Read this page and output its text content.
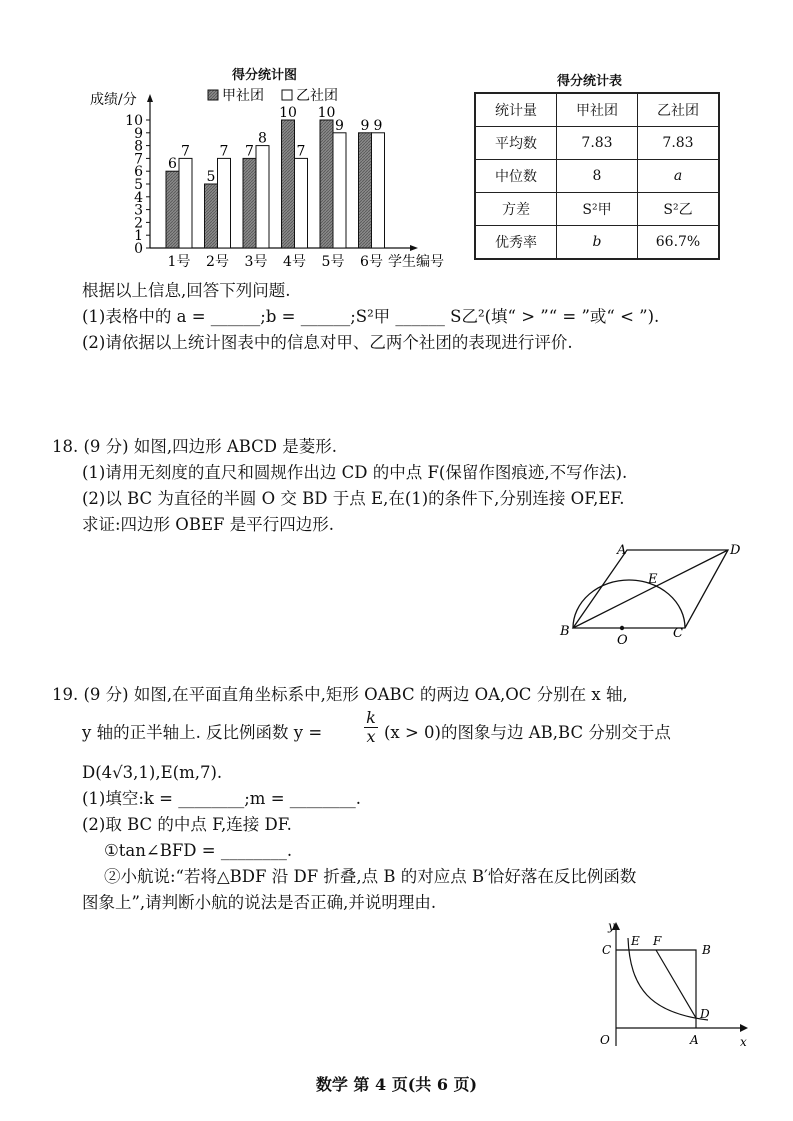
得分统计图
0
1
2
3
4
5
6
7
8
9
10
成绩/分
学生编号
甲社团 乙社团
6
7
1号
5
7
2号
7
8
3号
10
7
4号
10
9
5号
9 9
6号
得分统计表
统计量	甲社团	乙社团
平均数	7.83	7.83
中位数	8	a
方差	S²甲	S²乙
优秀率	b	66.7%
根据以上信息,回答下列问题.
(1)表格中的 a = ______;b = ______;S²甲 ______ S乙²(填“ > ”“ = ”或“ < ”).
(2)请依据以上统计图表中的信息对甲、乙两个社团的表现进行评价.
18. (9 分) 如图,四边形 ABCD 是菱形.
(1)请用无刻度的直尺和圆规作出边 CD 的中点 F(保留作图痕迹,不写作法).
(2)以 BC 为直径的半圆 O 交 BD 于点 E,在(1)的条件下,分别连接 OF,EF.
求证:四边形 OBEF 是平行四边形.
A	D
B	C
E
O
19. (9 分) 如图,在平面直角坐标系中,矩形 OABC 的两边 OA,OC 分别在 x 轴,
y 轴的正半轴上. 反比例函数 y =	$\frac{k}{x} (x > 0)$的图象与边 AB,BC 分别交于点
D(4√3,1),E(m,7).
(1)填空:k = ________;m = ________.
(2)取 BC 的中点 F,连接 DF.
①tan∠BFD = ________.
②小航说:“若将△BDF 沿 DF 折叠,点 B 的对应点 B′恰好落在反比例函数
图象上”,请判断小航的说法是否正确,并说明理由.
y
x
C
E F
B
D
O	A
数学 第 4 页(共 6 页)
